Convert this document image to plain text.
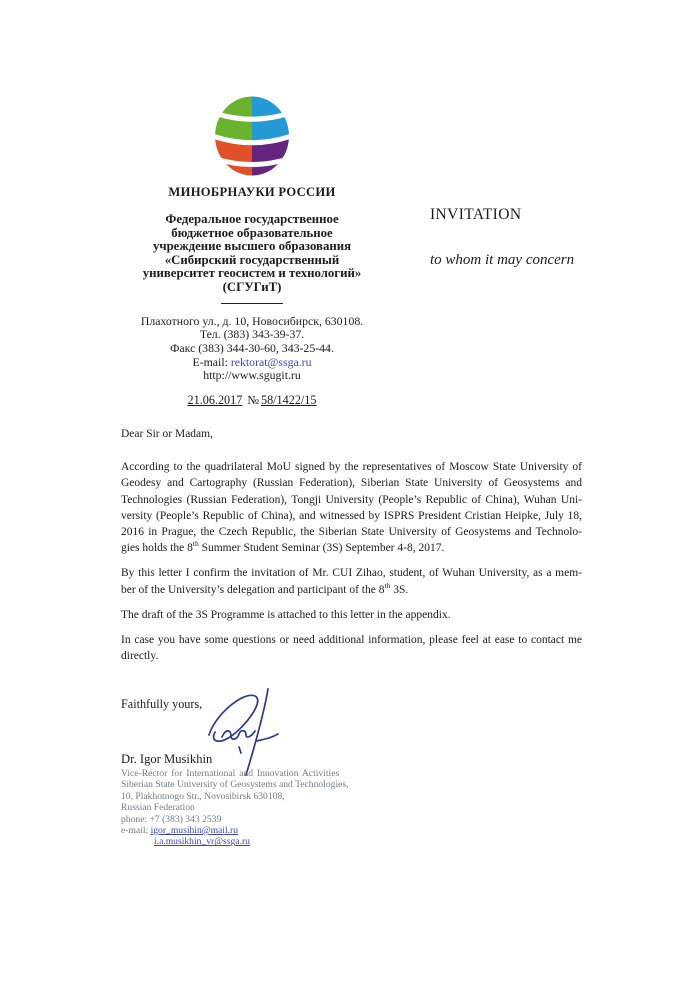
МИНОБРНАУКИ РОССИИ
Федеральное государственное
бюджетное образовательное
учреждение высшего образования
«Сибирский государственный
университет геосистем и технологий»
(СГУГиТ)
Плахотного ул., д. 10, Новосибирск, 630108.
Тел. (383) 343-39-37.
Факс (383) 344-30-60, 343-25-44.
E-mail: rektorat@ssga.ru
http://www.sgugit.ru
21.06.2017 № 58/1422/15
INVITATION
to whom it may concern
Dear Sir or Madam,
According to the quadrilateral MoU signed by the representatives of Moscow State University of
Geodesy and Cartography (Russian Federation), Siberian State University of Geosystems and
Technologies (Russian Federation), Tongji University (People’s Republic of China), Wuhan Uni-
versity (People’s Republic of China), and witnessed by ISPRS President Cristian Heipke, July 18,
2016 in Prague, the Czech Republic, the Siberian State University of Geosystems and Technolo-
gies holds the 8th Summer Student Seminar (3S) September 4-8, 2017.
By this letter I confirm the invitation of Mr. CUI Zihao, student, of Wuhan University, as a mem-
ber of the University’s delegation and participant of the 8th 3S.
The draft of the 3S Programme is attached to this letter in the appendix.
In case you have some questions or need additional information, please feel at ease to contact me
directly.
Faithfully yours,
Dr. Igor Musikhin
Vice-Rector for International and Innovation Activities
Siberian State University of Geosystems and Technologies,
10, Plakhotnogo Str., Novosibirsk 630108,
Russian Federation
phone: +7 (383) 343 2539
e-mail: igor_musihin@mail.ru
i.a.musikhin_vr@ssga.ru
